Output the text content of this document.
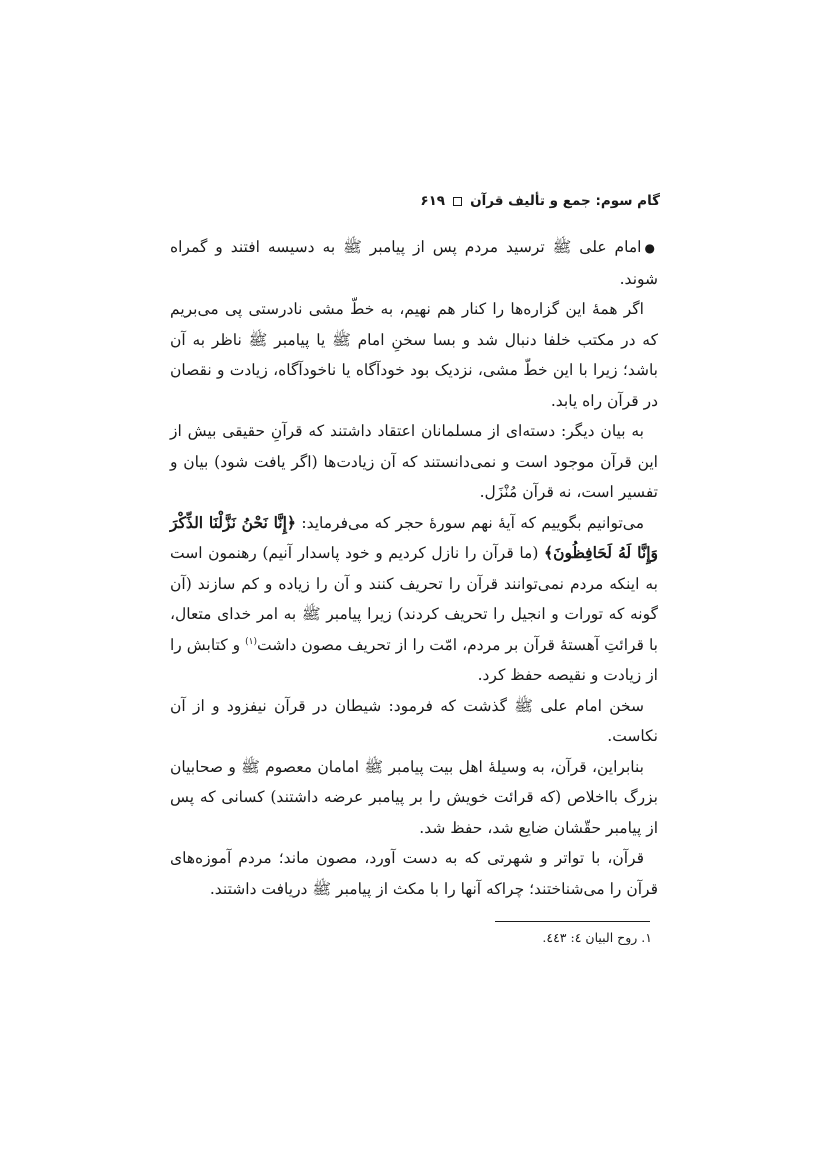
گام سوم: جمع و تألیف قرآن
۶۱۹

●امام علی ﷺ ترسید مردم پس از پیامبر ﷺ به دسیسه افتند و گمراه شوند.

اگر همهٔ این گزاره‌ها را کنار هم نهیم، به خطّ مشی نادرستی پی می‌بریم که در مکتب خلفا دنبال شد و بسا سخنِ امام ﷺ یا پیامبر ﷺ ناظر به آن باشد؛ زیرا با این خطّ مشی، نزدیک بود خودآگاه یا ناخودآگاه، زیادت و نقصان در قرآن راه یابد.

به بیان دیگر: دسته‌ای از مسلمانان اعتقاد داشتند که قرآنِ حقیقی بیش از این قرآن موجود است و نمی‌دانستند که آن زیادت‌ها (اگر یافت شود) بیان و تفسیر است، نه قرآن مُنْزَل.

می‌توانیم بگوییم که آیهٔ نهم سورهٔ حجر که می‌فرماید: ﴿إِنَّا نَحْنُ نَزَّلْنَا الذِّكْرَ وَإِنَّا لَهُ لَحَافِظُونَ﴾ (ما قرآن را نازل کردیم و خود پاسدار آنیم) رهنمون است به اینکه مردم نمی‌توانند قرآن را تحریف کنند و آن را زیاده و کم سازند (آن گونه که تورات و انجیل را تحریف کردند) زیرا پیامبر ﷺ به امر خدای متعال، با قرائتِ آهستهٔ قرآن بر مردم، امّت را از تحریف مصون داشت$^{(۱)}$ و کتابش را از زیادت و نقیصه حفظ کرد.

سخن امام علی ﷺ گذشت که فرمود: شیطان در قرآن نیفزود و از آن نکاست.

بنابراین، قرآن، به وسیلهٔ اهل بیت پیامبر ﷺ امامان معصوم ﷺ و صحابیان بزرگ بااخلاص (که قرائت خویش را بر پیامبر عرضه داشتند) کسانی که پس از پیامبر حقّشان ضایع شد، حفظ شد.

قرآن، با تواتر و شهرتی که به دست آورد، مصون ماند؛ مردم آموزه‌های قرآن را می‌شناختند؛ چراکه آنها را با مکث از پیامبر ﷺ دریافت داشتند.

۱. روح البیان ٤: ٤٤٣.
